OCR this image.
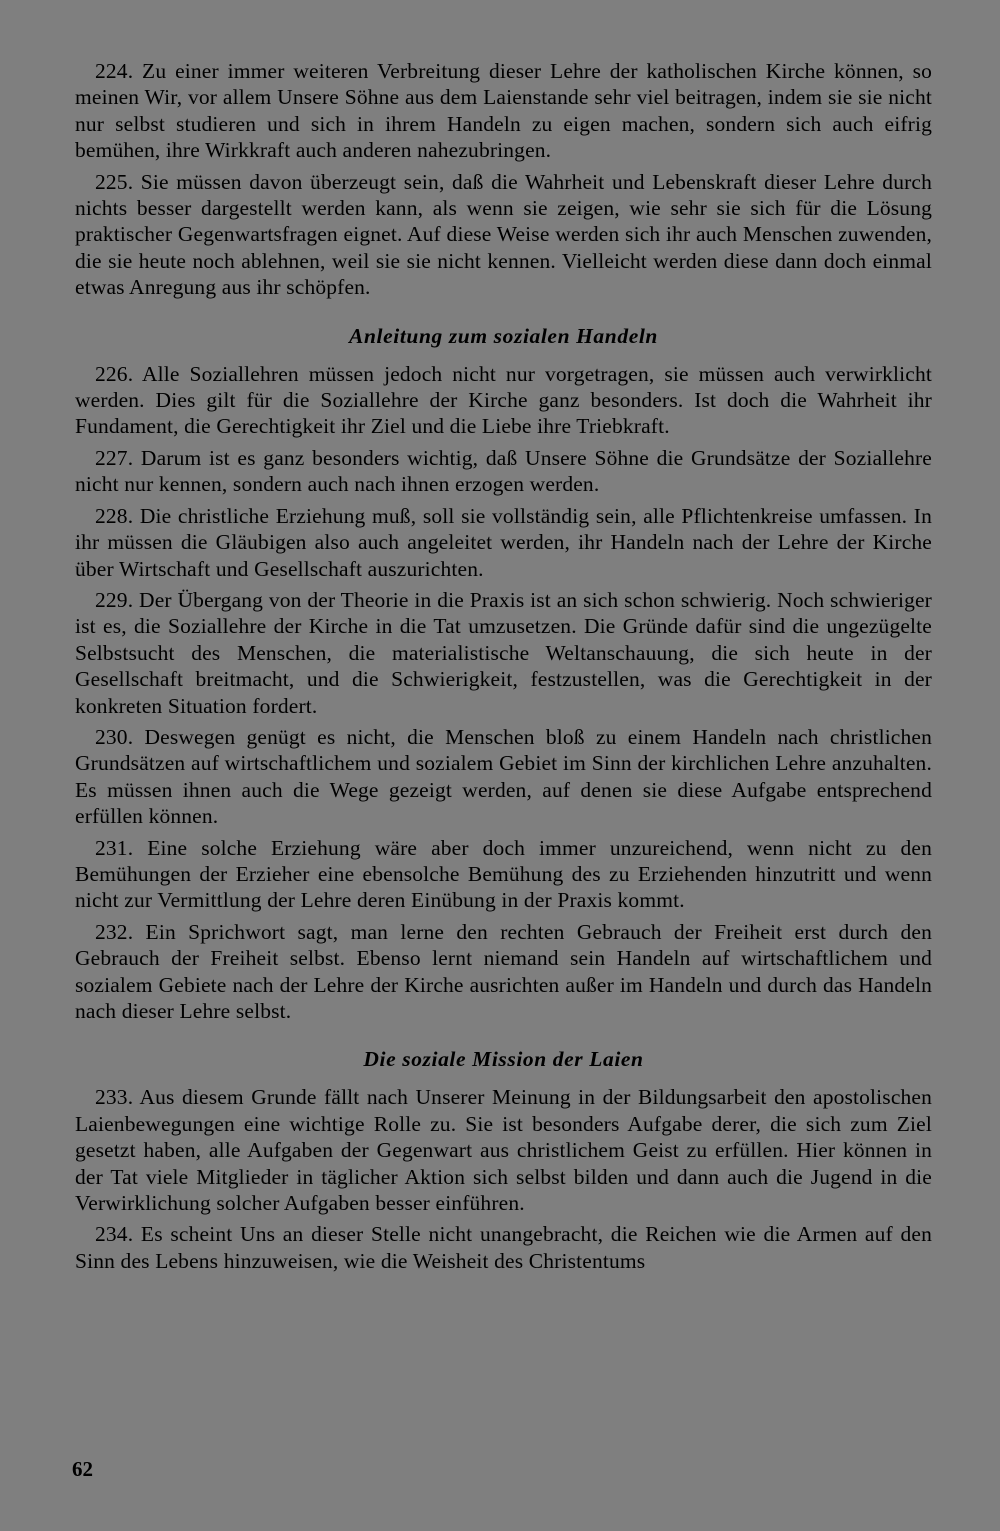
224. Zu einer immer weiteren Verbreitung dieser Lehre der katholischen Kirche können, so meinen Wir, vor allem Unsere Söhne aus dem Laienstande sehr viel beitragen, indem sie sie nicht nur selbst studieren und sich in ihrem Handeln zu eigen machen, sondern sich auch eifrig bemühen, ihre Wirkkraft auch anderen nahezubringen.

225. Sie müssen davon überzeugt sein, daß die Wahrheit und Lebenskraft dieser Lehre durch nichts besser dargestellt werden kann, als wenn sie zeigen, wie sehr sie sich für die Lösung praktischer Gegenwartsfragen eignet. Auf diese Weise werden sich ihr auch Menschen zuwenden, die sie heute noch ablehnen, weil sie sie nicht kennen. Vielleicht werden diese dann doch einmal etwas Anregung aus ihr schöpfen.

Anleitung zum sozialen Handeln

226. Alle Soziallehren müssen jedoch nicht nur vorgetragen, sie müssen auch verwirklicht werden. Dies gilt für die Soziallehre der Kirche ganz besonders. Ist doch die Wahrheit ihr Fundament, die Gerechtigkeit ihr Ziel und die Liebe ihre Triebkraft.

227. Darum ist es ganz besonders wichtig, daß Unsere Söhne die Grundsätze der Soziallehre nicht nur kennen, sondern auch nach ihnen erzogen werden.

228. Die christliche Erziehung muß, soll sie vollständig sein, alle Pflichtenkreise umfassen. In ihr müssen die Gläubigen also auch angeleitet werden, ihr Handeln nach der Lehre der Kirche über Wirtschaft und Gesellschaft auszurichten.

229. Der Übergang von der Theorie in die Praxis ist an sich schon schwierig. Noch schwieriger ist es, die Soziallehre der Kirche in die Tat umzusetzen. Die Gründe dafür sind die ungezügelte Selbstsucht des Menschen, die materialistische Weltanschauung, die sich heute in der Gesellschaft breitmacht, und die Schwierigkeit, festzustellen, was die Gerechtigkeit in der konkreten Situation fordert.

230. Deswegen genügt es nicht, die Menschen bloß zu einem Handeln nach christlichen Grundsätzen auf wirtschaftlichem und sozialem Gebiet im Sinn der kirchlichen Lehre anzuhalten. Es müssen ihnen auch die Wege gezeigt werden, auf denen sie diese Aufgabe entsprechend erfüllen können.

231. Eine solche Erziehung wäre aber doch immer unzureichend, wenn nicht zu den Bemühungen der Erzieher eine ebensolche Bemühung des zu Erziehenden hinzutritt und wenn nicht zur Vermittlung der Lehre deren Einübung in der Praxis kommt.

232. Ein Sprichwort sagt, man lerne den rechten Gebrauch der Freiheit erst durch den Gebrauch der Freiheit selbst. Ebenso lernt niemand sein Handeln auf wirtschaftlichem und sozialem Gebiete nach der Lehre der Kirche ausrichten außer im Handeln und durch das Handeln nach dieser Lehre selbst.

Die soziale Mission der Laien

233. Aus diesem Grunde fällt nach Unserer Meinung in der Bildungsarbeit den apostolischen Laienbewegungen eine wichtige Rolle zu. Sie ist besonders Aufgabe derer, die sich zum Ziel gesetzt haben, alle Aufgaben der Gegenwart aus christlichem Geist zu erfüllen. Hier können in der Tat viele Mitglieder in täglicher Aktion sich selbst bilden und dann auch die Jugend in die Verwirklichung solcher Aufgaben besser einführen.

234. Es scheint Uns an dieser Stelle nicht unangebracht, die Reichen wie die Armen auf den Sinn des Lebens hinzuweisen, wie die Weisheit des Christentums

62
